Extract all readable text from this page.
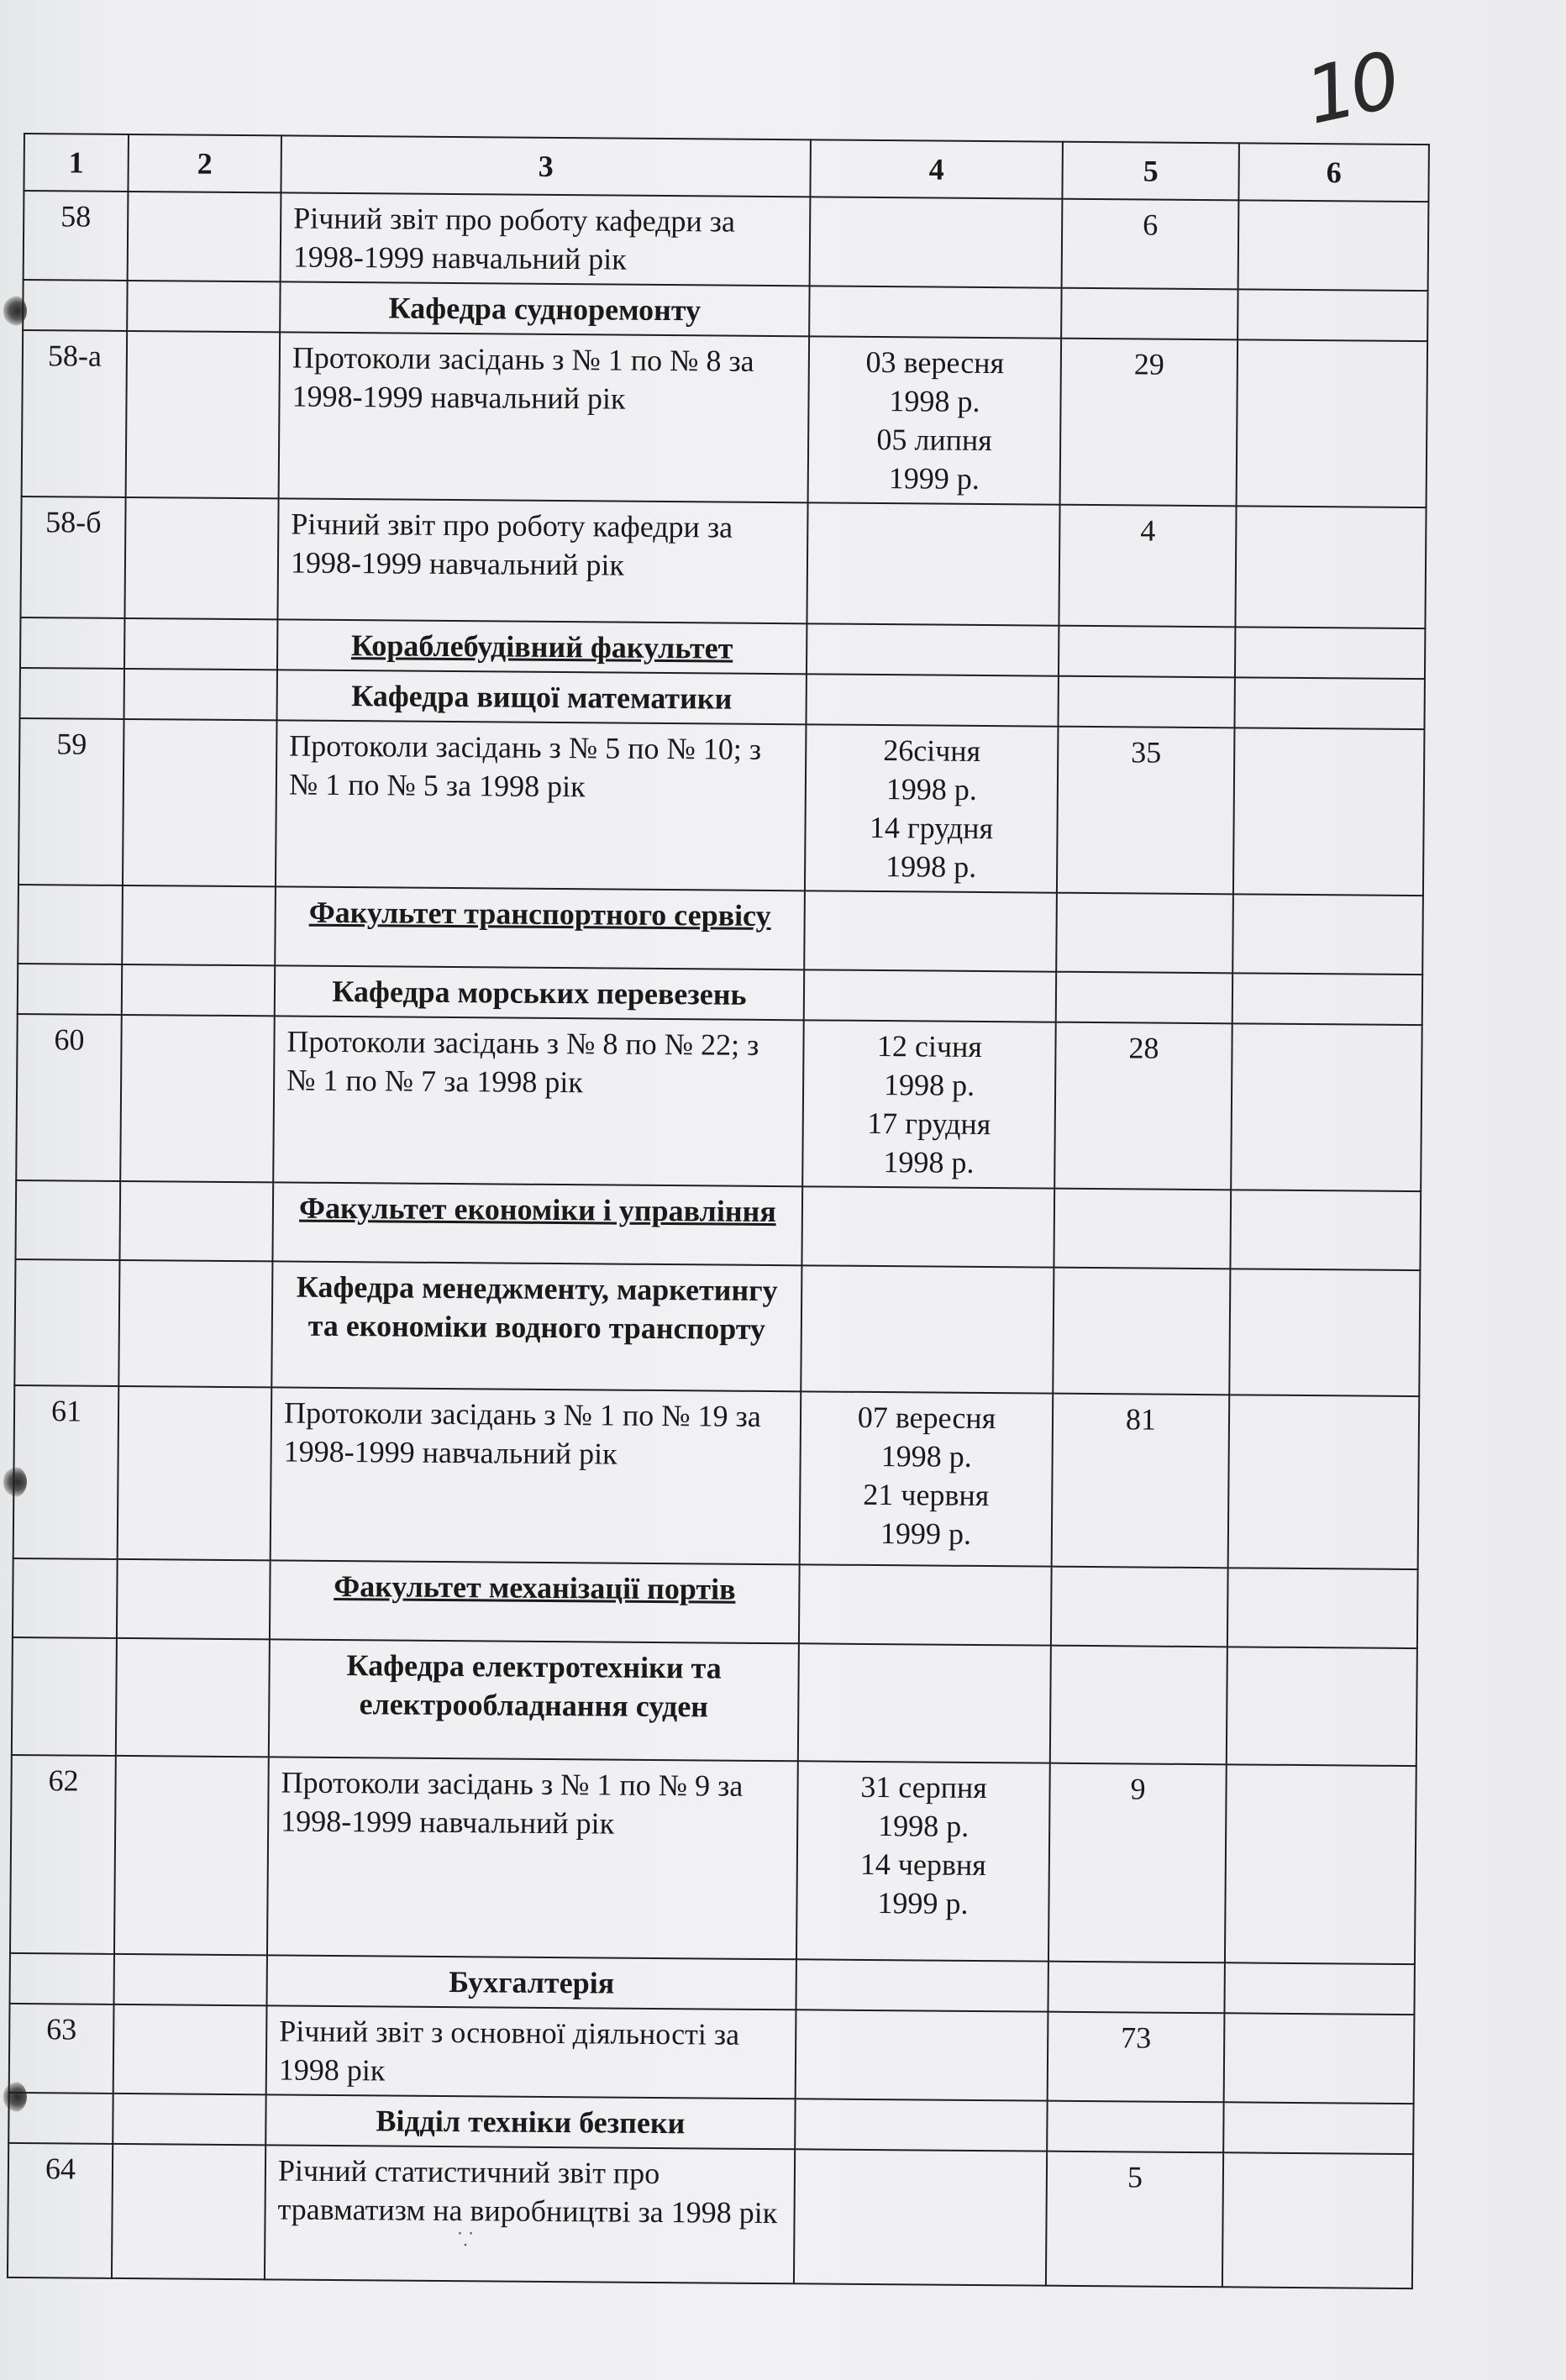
10
1	2	3	4	5	6
58		Річний звіт про роботу кафедри за 1998-1999 навчальний рік		6	
		Кафедра судноремонту			
58-а		Протоколи засідань з № 1 по № 8 за 1998-1999 навчальний рік	03 вересня
1998 р.
05 липня
1999 р.	29	
58-б		Річний звіт про роботу кафедри за 1998-1999 навчальний рік		4	
		Кораблебудівний факультет			
		Кафедра вищої математики			
59		Протоколи засідань з № 5 по № 10; з № 1 по № 5 за 1998 рік	26січня
1998 р.
14 грудня
1998 р.	35	
		Факультет транспортного сервісу			
		Кафедра морських перевезень			
60		Протоколи засідань з № 8 по № 22; з № 1 по № 7 за 1998 рік	12 січня
1998 р.
17 грудня
1998 р.	28	
		Факультет економіки і управління			
		Кафедра менеджменту, маркетингу та економіки водного транспорту			
61		Протоколи засідань з № 1 по № 19 за 1998-1999 навчальний рік	07 вересня
1998 р.
21 червня
1999 р.	81	
		Факультет механізації портів			
		Кафедра електротехніки та електрообладнання суден			
62		Протоколи засідань з № 1 по № 9 за 1998-1999 навчальний рік	31 серпня
1998 р.
14 червня
1999 р.	9	
		Бухгалтерія			
63		Річний звіт з основної діяльності за 1998 рік		73	
		Відділ техніки безпеки			
64		Річний статистичний звіт про травматизм на виробництві за 1998 рік		5	
⸪
